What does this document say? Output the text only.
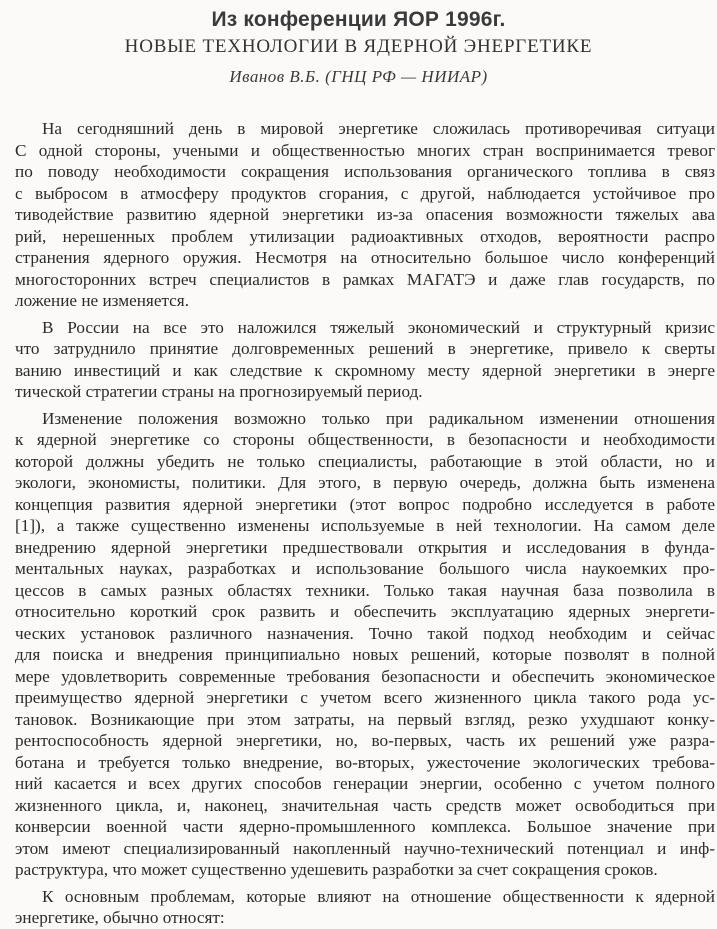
Из конференции ЯОР 1996г.
НОВЫЕ ТЕХНОЛОГИИ В ЯДЕРНОЙ ЭНЕРГЕТИКЕ
Иванов В.Б. (ГНЦ РФ — НИИАР)
На сегодняшний день в мировой энергетике сложилась противоречивая ситуаци
С одной стороны, учеными и общественностью многих стран воспринимается тревог
по поводу необходимости сокращения использования органического топлива в связ
с выбросом в атмосферу продуктов сгорания, с другой, наблюдается устойчивое про
тиводействие развитию ядерной энергетики из-за опасения возможности тяжелых ава
рий, нерешенных проблем утилизации радиоактивных отходов, вероятности распро
странения ядерного оружия. Несмотря на относительно большое число конференций
многосторонних встреч специалистов в рамках МАГАТЭ и даже глав государств, по
ложение не изменяется.
В России на все это наложился тяжелый экономический и структурный кризис
что затруднило принятие долговременных решений в энергетике, привело к сверты
ванию инвестиций и как следствие к скромному месту ядерной энергетики в энерге
тической стратегии страны на прогнозируемый период.
Изменение положения возможно только при радикальном изменении отношения
к ядерной энергетике со стороны общественности, в безопасности и необходимости
которой должны убедить не только специалисты, работающие в этой области, но и
экологи, экономисты, политики. Для этого, в первую очередь, должна быть изменена
концепция развития ядерной энергетики (этот вопрос подробно исследуется в работе
[1]), а также существенно изменены используемые в ней технологии. На самом деле
внедрению ядерной энергетики предшествовали открытия и исследования в фунда-
ментальных науках, разработках и использование большого числа наукоемких про-
цессов в самых разных областях техники. Только такая научная база позволила в
относительно короткий срок развить и обеспечить эксплуатацию ядерных энергети-
ческих установок различного назначения. Точно такой подход необходим и сейчас
для поиска и внедрения принципиально новых решений, которые позволят в полной
мере удовлетворить современные требования безопасности и обеспечить экономическое
преимущество ядерной энергетики с учетом всего жизненного цикла такого рода ус-
тановок. Возникающие при этом затраты, на первый взгляд, резко ухудшают конку-
рентоспособность ядерной энергетики, но, во-первых, часть их решений уже разра-
ботана и требуется только внедрение, во-вторых, ужесточение экологических требова-
ний касается и всех других способов генерации энергии, особенно с учетом полного
жизненного цикла, и, наконец, значительная часть средств может освободиться при
конверсии военной части ядерно-промышленного комплекса. Большое значение при
этом имеют специализированный накопленный научно-технический потенциал и инф-
раструктура, что может существенно удешевить разработки за счет сокращения сроков.
К основным проблемам, которые влияют на отношение общественности к ядерной
энергетике, обычно относят:
